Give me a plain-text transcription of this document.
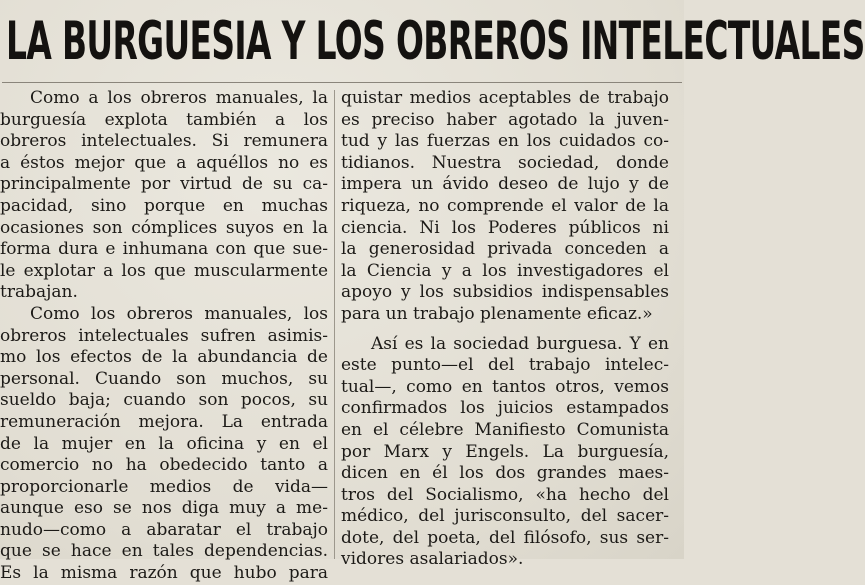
LA BURGUESIA Y LOS OBREROS INTELECTUALES
Como a los obreros manuales, la
burguesía explota también a los
obreros intelectuales. Si remunera
a éstos mejor que a aquéllos no es
principalmente por virtud de su ca-
pacidad, sino porque en muchas
ocasiones son cómplices suyos en la
forma dura e inhumana con que sue-
le explotar a los que muscularmente
trabajan.
Como los obreros manuales, los
obreros intelectuales sufren asimis-
mo los efectos de la abundancia de
personal. Cuando son muchos, su
sueldo baja; cuando son pocos, su
remuneración mejora. La entrada
de la mujer en la oficina y en el
comercio no ha obedecido tanto a
proporcionarle medios de vida—
aunque eso se nos diga muy a me-
nudo—como a abaratar el trabajo
que se hace en tales dependencias.
Es la misma razón que hubo para
quistar medios aceptables de trabajo
es preciso haber agotado la juven-
tud y las fuerzas en los cuidados co-
tidianos. Nuestra sociedad, donde
impera un ávido deseo de lujo y de
riqueza, no comprende el valor de la
ciencia. Ni los Poderes públicos ni
la generosidad privada conceden a
la Ciencia y a los investigadores el
apoyo y los subsidios indispensables
para un trabajo plenamente eficaz.»
Así es la sociedad burguesa. Y en
este punto—el del trabajo intelec-
tual—, como en tantos otros, vemos
confirmados los juicios estampados
en el célebre Manifiesto Comunista
por Marx y Engels. La burguesía,
dicen en él los dos grandes maes-
tros del Socialismo, «ha hecho del
médico, del jurisconsulto, del sacer-
dote, del poeta, del filósofo, sus ser-
vidores asalariados».
